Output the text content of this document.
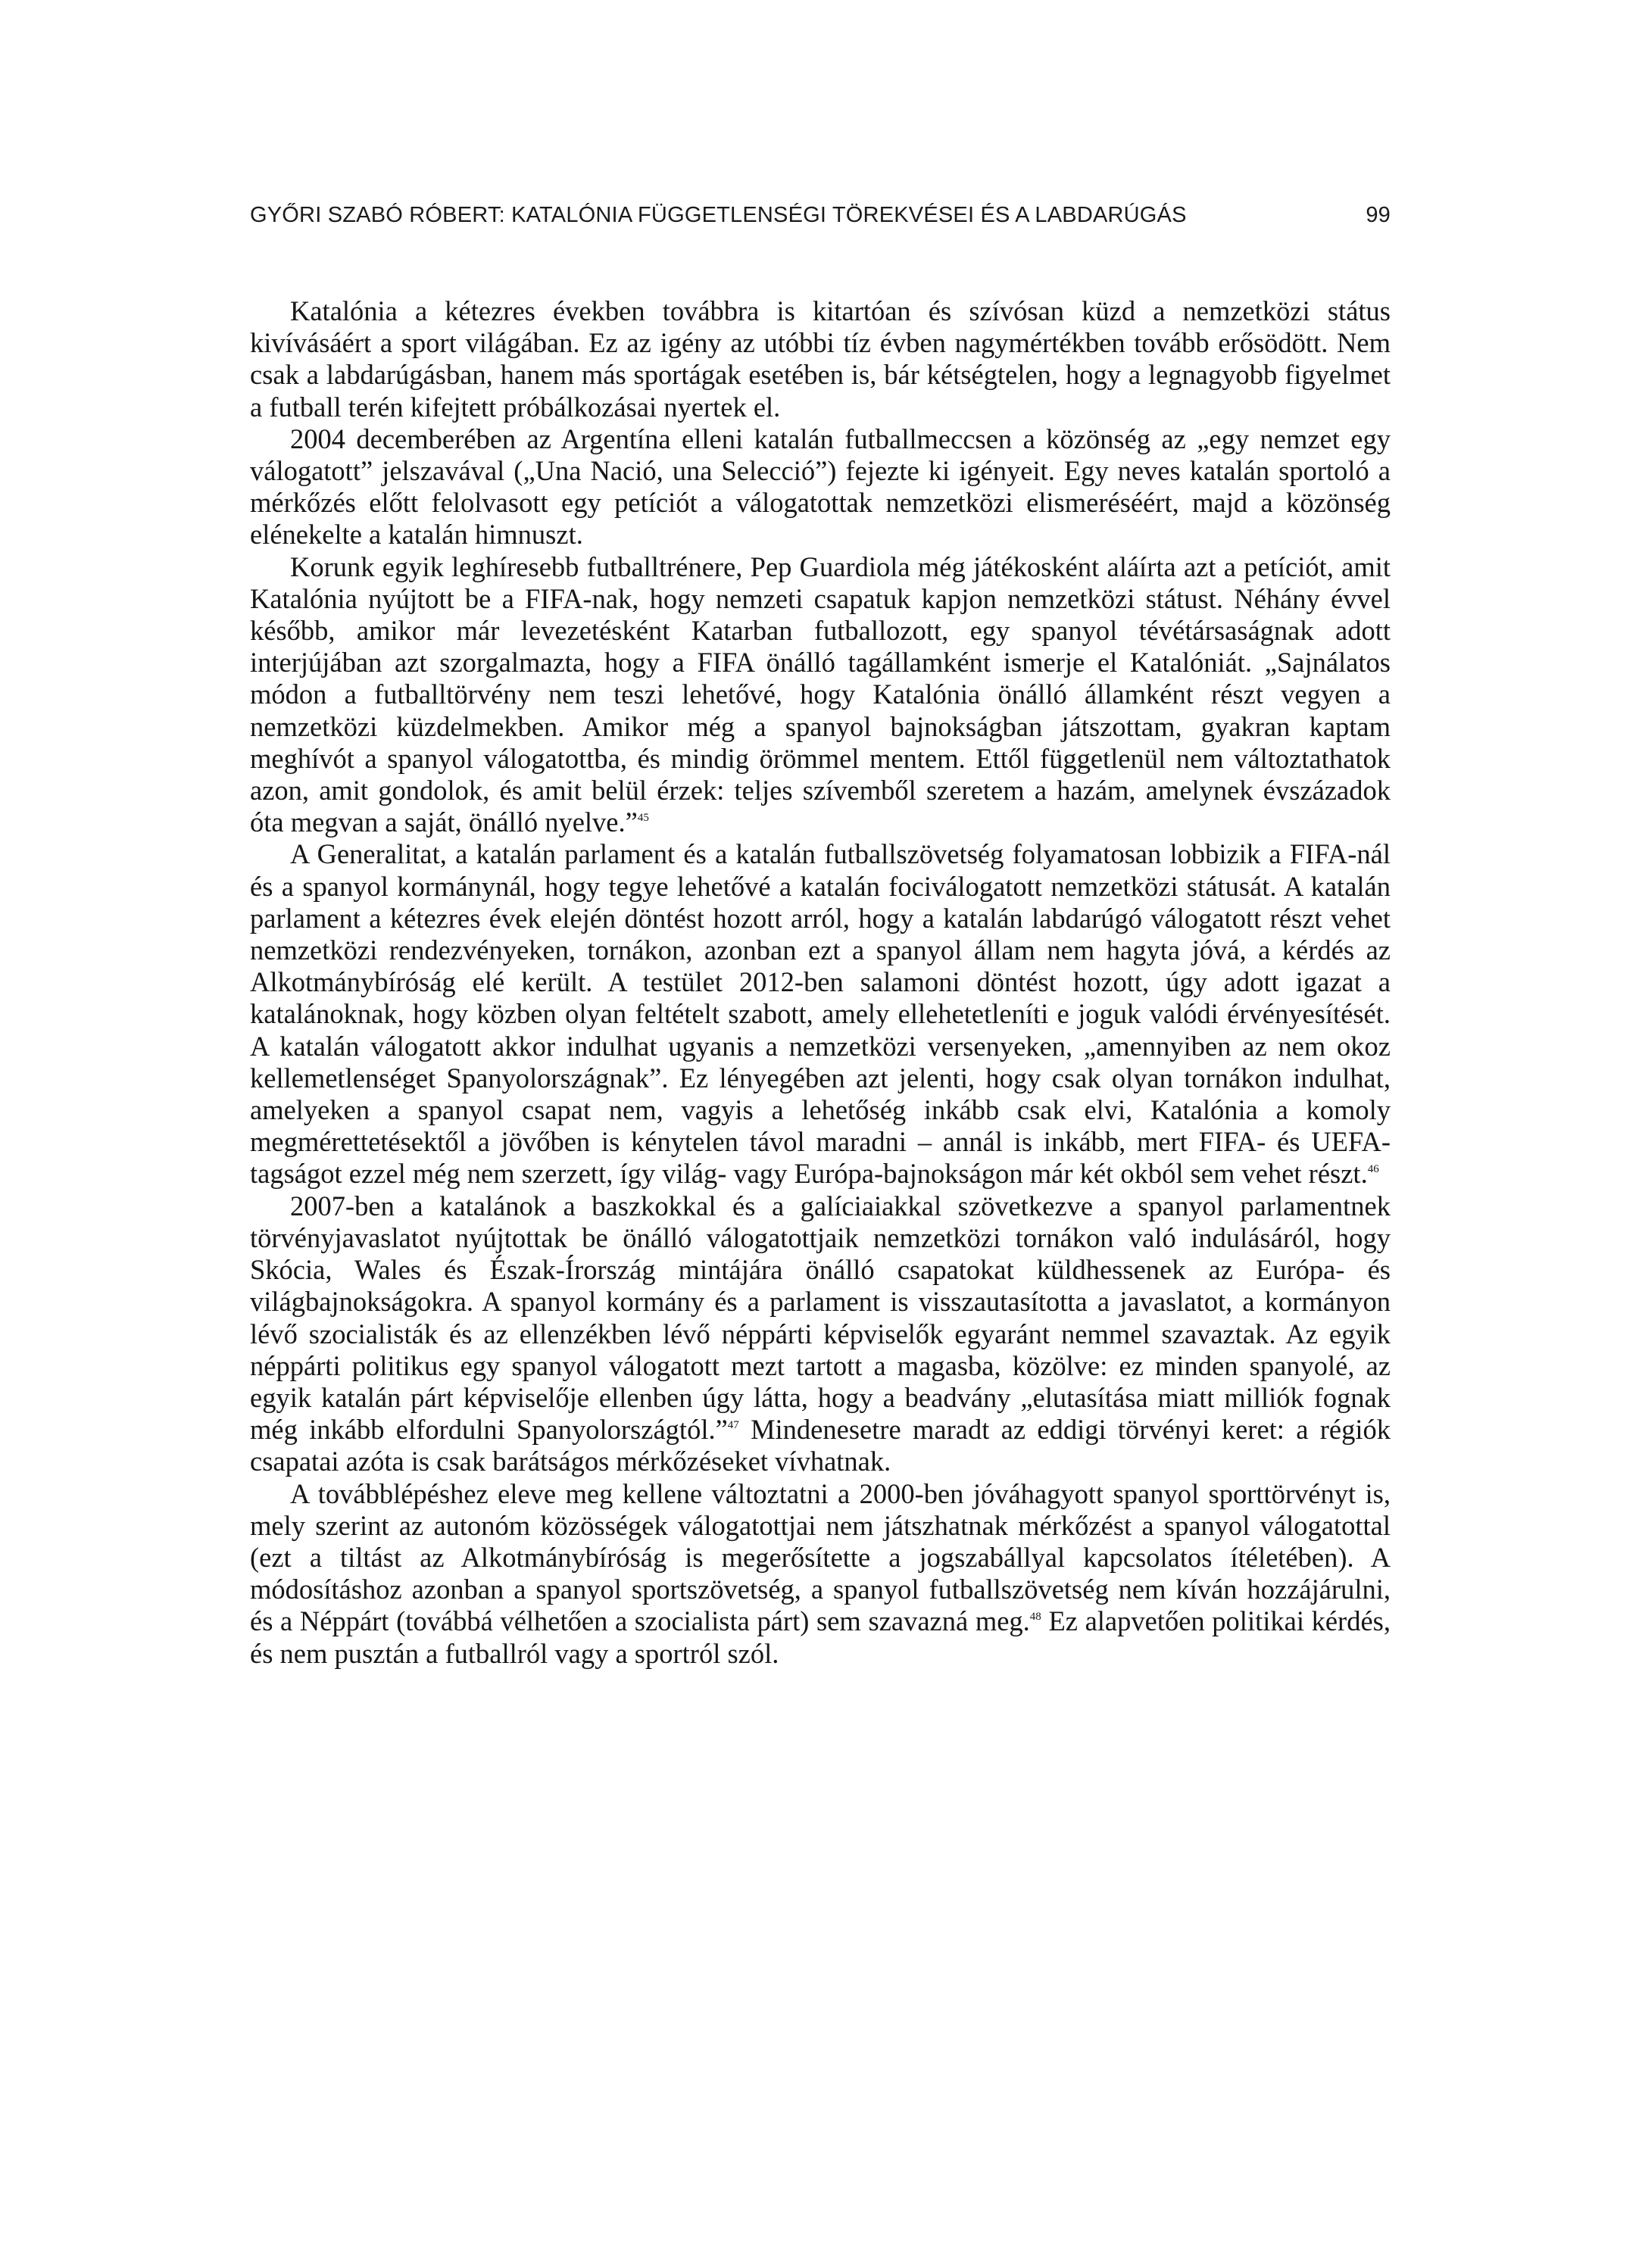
GYŐRI SZABÓ RÓBERT: KATALÓNIA FÜGGETLENSÉGI TÖREKVÉSEI ÉS A LABDARÚGÁS	99

Katalónia a kétezres években továbbra is kitartóan és szívósan küzd a nemzetközi státus kivívásáért a sport világában. Ez az igény az utóbbi tíz évben nagymértékben tovább erősödött. Nem csak a labdarúgásban, hanem más sportágak esetében is, bár kétségtelen, hogy a legnagyobb figyelmet a futball terén kifejtett próbálkozásai nyertek el.

2004 decemberében az Argentína elleni katalán futballmeccsen a közönség az „egy nemzet egy válogatott” jelszavával („Una Nació, una Selecció”) fejezte ki igényeit. Egy neves katalán sportoló a mérkőzés előtt felolvasott egy petíciót a válogatottak nemzetközi elismeréséért, majd a közönség elénekelte a katalán himnuszt.

Korunk egyik leghíresebb futballtrénere, Pep Guardiola még játékosként aláírta azt a petíciót, amit Katalónia nyújtott be a FIFA-nak, hogy nemzeti csapatuk kapjon nemzetközi státust. Néhány évvel később, amikor már levezetésként Katarban futballozott, egy spanyol tévétársaságnak adott interjújában azt szorgalmazta, hogy a FIFA önálló tagállamként ismerje el Katalóniát. „Sajnálatos módon a futballtörvény nem teszi lehetővé, hogy Katalónia önálló államként részt vegyen a nemzetközi küzdelmekben. Amikor még a spanyol bajnokságban játszottam, gyakran kaptam meghívót a spanyol válogatottba, és mindig örömmel mentem. Ettől függetlenül nem változtathatok azon, amit gondolok, és amit belül érzek: teljes szívemből szeretem a hazám, amelynek évszázadok óta megvan a saját, önálló nyelve.”$^{45}$

A Generalitat, a katalán parlament és a katalán futballszövetség folyamatosan lobbizik a FIFA-nál és a spanyol kormánynál, hogy tegye lehetővé a katalán fociválogatott nemzetközi státusát. A katalán parlament a kétezres évek elején döntést hozott arról, hogy a katalán labdarúgó válogatott részt vehet nemzetközi rendezvényeken, tornákon, azonban ezt a spanyol állam nem hagyta jóvá, a kérdés az Alkotmánybíróság elé került. A testület 2012-ben salamoni döntést hozott, úgy adott igazat a katalánoknak, hogy közben olyan feltételt szabott, amely ellehetetleníti e joguk valódi érvényesítését. A katalán válogatott akkor indulhat ugyanis a nemzetközi versenyeken, „amennyiben az nem okoz kellemetlenséget Spanyolországnak”. Ez lényegében azt jelenti, hogy csak olyan tornákon indulhat, amelyeken a spanyol csapat nem, vagyis a lehetőség inkább csak elvi, Katalónia a komoly megmérettetésektől a jövőben is kénytelen távol maradni – annál is inkább, mert FIFA- és UEFA-tagságot ezzel még nem szerzett, így világ- vagy Európa-bajnokságon már két okból sem vehet részt.$^{46}$

2007-ben a katalánok a baszkokkal és a galíciaiakkal szövetkezve a spanyol parlamentnek törvényjavaslatot nyújtottak be önálló válogatottjaik nemzetközi tornákon való indulásáról, hogy Skócia, Wales és Észak-Írország mintájára önálló csapatokat küldhessenek az Európa- és világbajnokságokra. A spanyol kormány és a parlament is visszautasította a javaslatot, a kormányon lévő szocialisták és az ellenzékben lévő néppárti képviselők egyaránt nemmel szavaztak. Az egyik néppárti politikus egy spanyol válogatott mezt tartott a magasba, közölve: ez minden spanyolé, az egyik katalán párt képviselője ellenben úgy látta, hogy a beadvány „elutasítása miatt milliók fognak még inkább elfordulni Spanyolországtól.”$^{47}$ Mindenesetre maradt az eddigi törvényi keret: a régiók csapatai azóta is csak barátságos mérkőzéseket vívhatnak.

A továbblépéshez eleve meg kellene változtatni a 2000-ben jóváhagyott spanyol sporttörvényt is, mely szerint az autonóm közösségek válogatottjai nem játszhatnak mérkőzést a spanyol válogatottal (ezt a tiltást az Alkotmánybíróság is megerősítette a jogszabállyal kapcsolatos ítéletében). A módosításhoz azonban a spanyol sportszövetség, a spanyol futballszövetség nem kíván hozzájárulni, és a Néppárt (továbbá vélhetően a szocialista párt) sem szavazná meg.$^{48}$ Ez alapvetően politikai kérdés, és nem pusztán a futballról vagy a sportról szól.
